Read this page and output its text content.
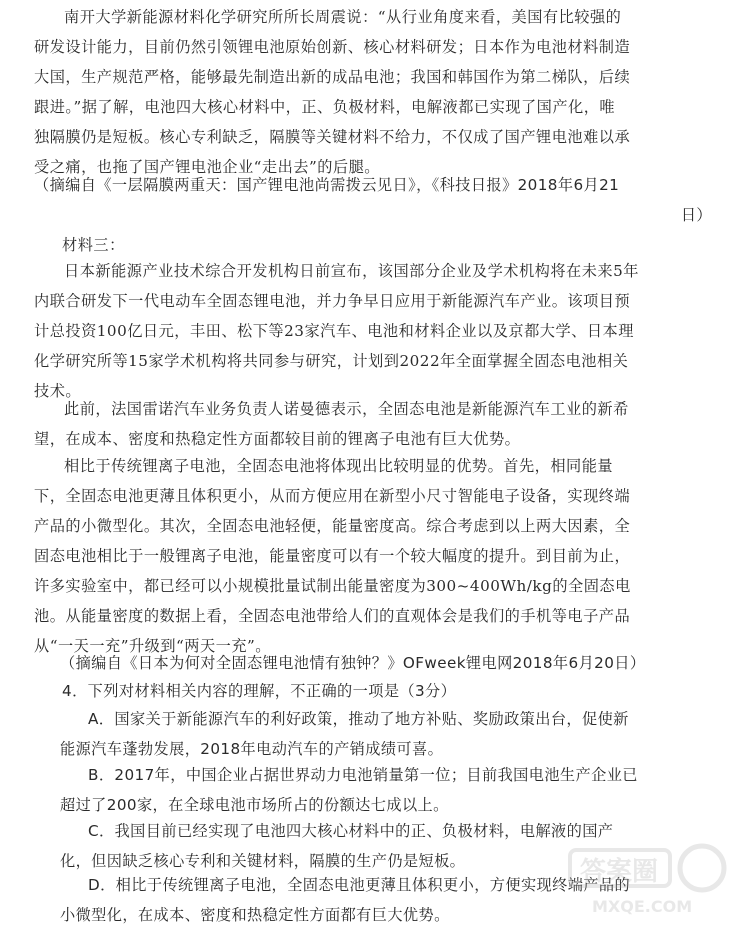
南开大学新能源材料化学研究所所长周震说：“从行业角度来看，美国有比较强的
研发设计能力，目前仍然引领锂电池原始创新、核心材料研发；日本作为电池材料制造
大国，生产规范严格，能够最先制造出新的成品电池；我国和韩国作为第二梯队，后续
跟进。”据了解，电池四大核心材料中，正、负极材料，电解液都已实现了国产化，唯
独隔膜仍是短板。核心专利缺乏，隔膜等关键材料不给力，不仅成了国产锂电池难以承
受之痛，也拖了国产锂电池企业“走出去”的后腿。
（摘编自《一层隔膜两重天：国产锂电池尚需拨云见日》，《科技日报》2018年6月21
日）
材料三：
日本新能源产业技术综合开发机构日前宣布，该国部分企业及学术机构将在未来5年
内联合研发下一代电动车全固态锂电池，并力争早日应用于新能源汽车产业。该项目预
计总投资100亿日元，丰田、松下等23家汽车、电池和材料企业以及京都大学、日本理
化学研究所等15家学术机构将共同参与研究，计划到2022年全面掌握全固态电池相关
技术。
此前，法国雷诺汽车业务负责人诺曼德表示，全固态电池是新能源汽车工业的新希
望，在成本、密度和热稳定性方面都较目前的锂离子电池有巨大优势。
相比于传统锂离子电池，全固态电池将体现出比较明显的优势。首先，相同能量
下，全固态电池更薄且体积更小，从而方便应用在新型小尺寸智能电子设备，实现终端
产品的小微型化。其次，全固态电池轻便，能量密度高。综合考虑到以上两大因素，全
固态电池相比于一般锂离子电池，能量密度可以有一个较大幅度的提升。到目前为止，
许多实验室中，都已经可以小规模批量试制出能量密度为300~400Wh/kg的全固态电
池。从能量密度的数据上看，全固态电池带给人们的直观体会是我们的手机等电子产品
从“一天一充”升级到“两天一充”。
（摘编自《日本为何对全固态锂电池情有独钟？》OFweek锂电网2018年6月20日）
4．下列对材料相关内容的理解，不正确的一项是（3分）
A．国家关于新能源汽车的利好政策，推动了地方补贴、奖励政策出台，促使新
能源汽车蓬勃发展，2018年电动汽车的产销成绩可喜。
B．2017年，中国企业占据世界动力电池销量第一位；目前我国电池生产企业已
超过了200家，在全球电池市场所占的份额达七成以上。
C．我国目前已经实现了电池四大核心材料中的正、负极材料，电解液的国产
化，但因缺乏核心专利和关键材料，隔膜的生产仍是短板。
D．相比于传统锂离子电池，全固态电池更薄且体积更小，方便实现终端产品的
小微型化，在成本、密度和热稳定性方面都有巨大优势。
答案圈
MXQE.COM
